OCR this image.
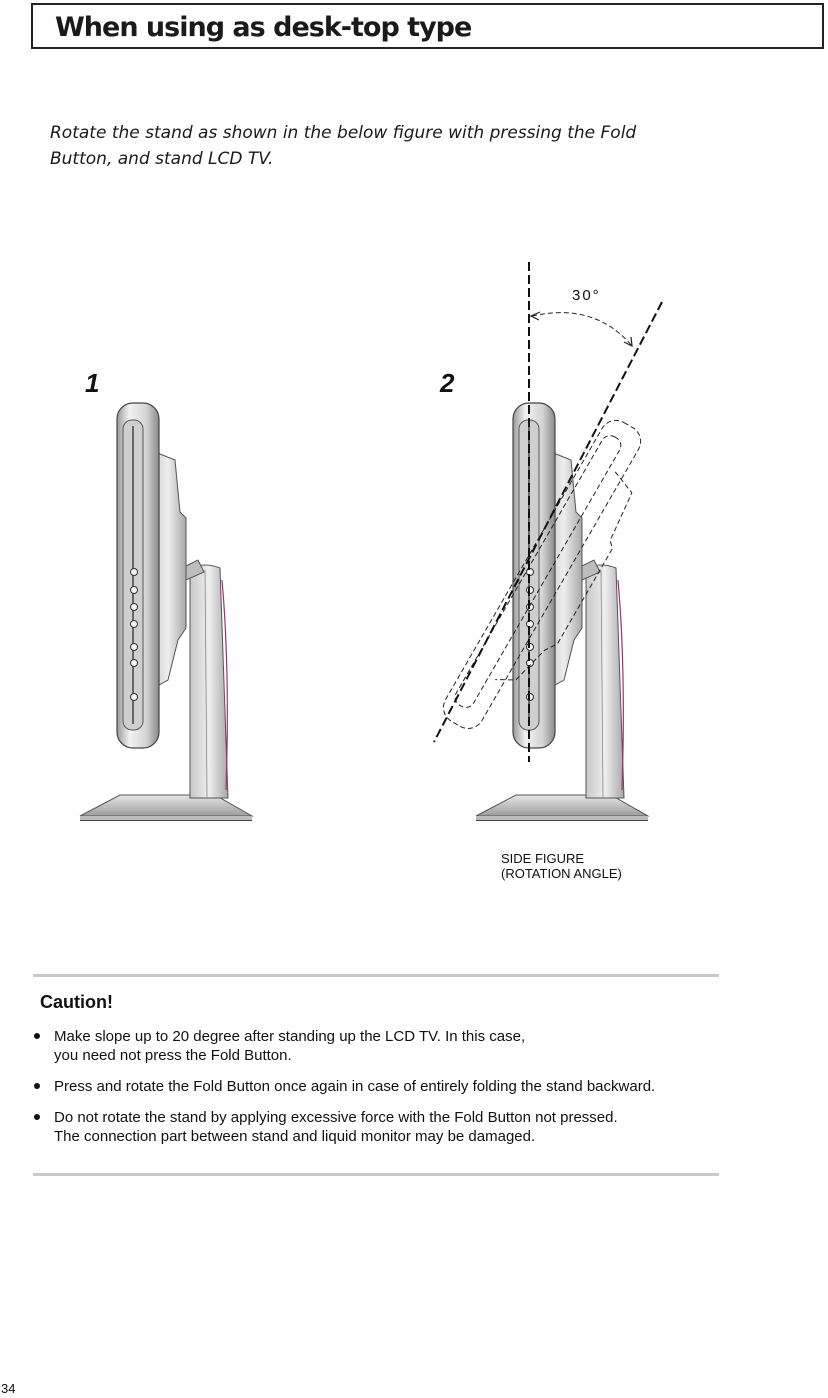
When using as desk-top type

Rotate the stand as shown in the below figure with pressing the Fold Button, and stand LCD TV.

1	2
30°
SIDE FIGURE
(ROTATION ANGLE)
Caution!
Make slope up to 20 degree after standing up the LCD TV. In this case,
you need not press the Fold Button.
Press and rotate the Fold Button once again in case of entirely folding the stand backward.
Do not rotate the stand by applying excessive force with the Fold Button not pressed.
The connection part between stand and liquid monitor may be damaged.
34
